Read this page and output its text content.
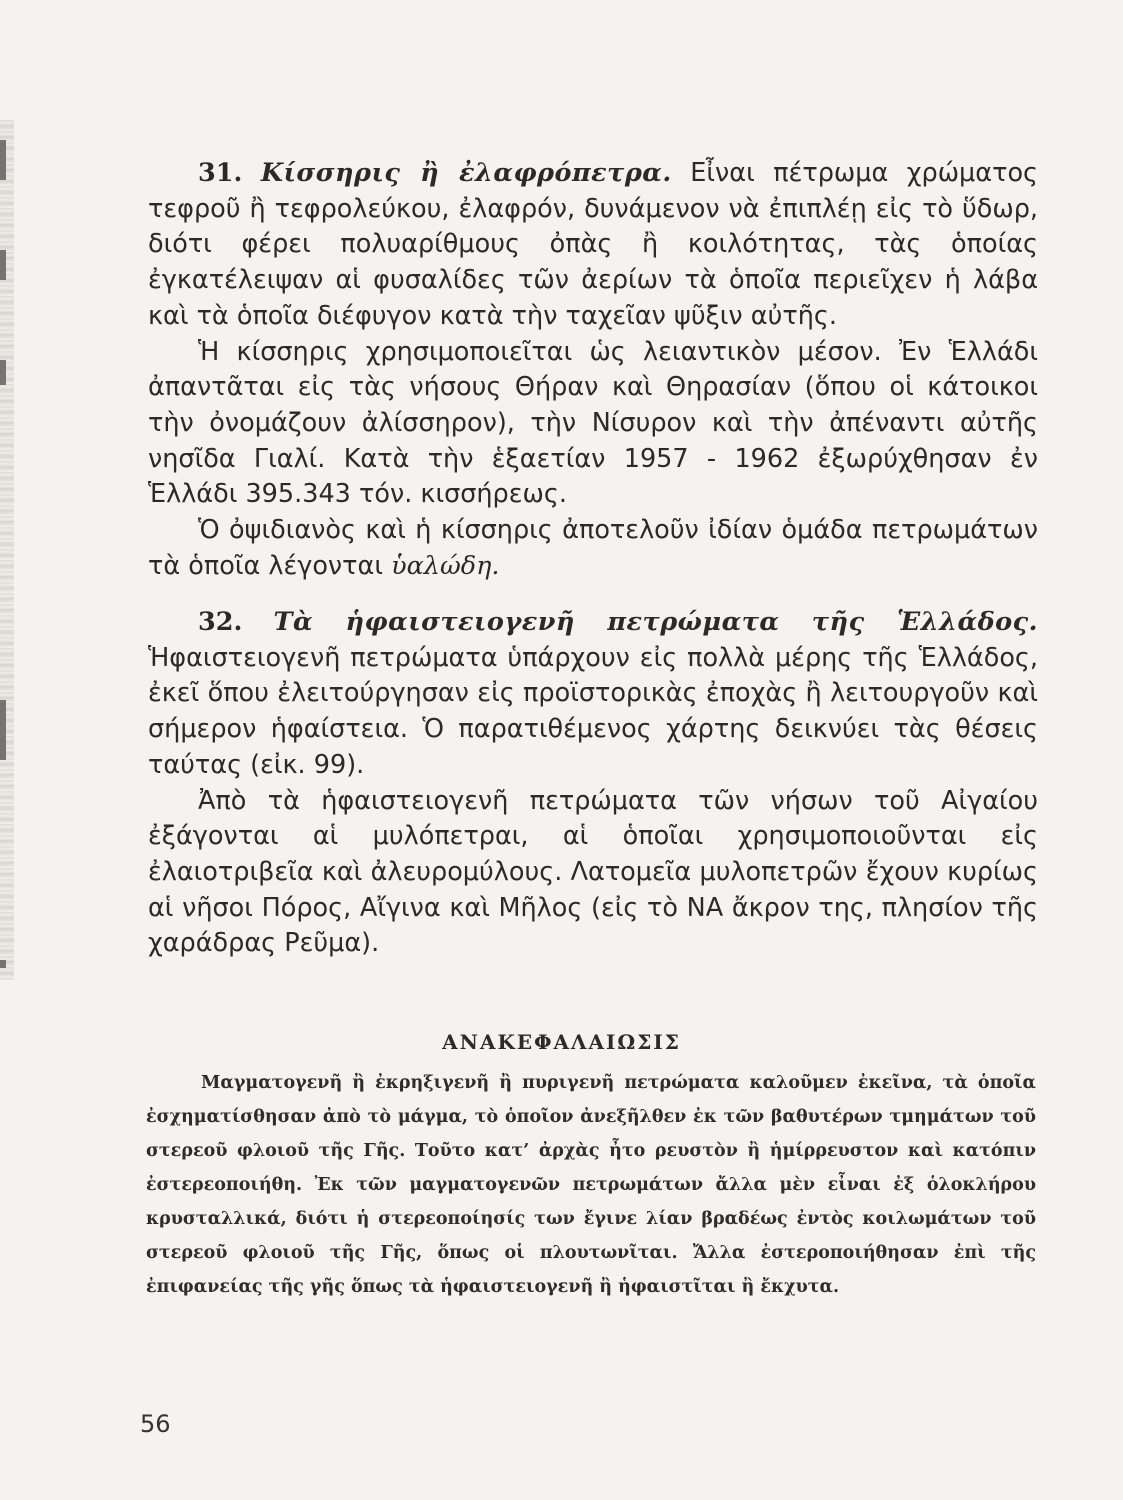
31. Κίσσηρις ἢ ἐλαφρόπετρα. Εἶναι πέτρωμα χρώματος τεφροῦ ἢ τεφρολεύκου, ἐλαφρόν, δυνάμενον νὰ ἐπιπλέῃ εἰς τὸ ὕδωρ, διότι φέρει πολυαρίθμους ὀπὰς ἢ κοιλότητας, τὰς ὁποίας ἐγκατέλειψαν αἱ φυσαλίδες τῶν ἀερίων τὰ ὁποῖα περιεῖχεν ἡ λάβα καὶ τὰ ὁποῖα διέφυγον κατὰ τὴν ταχεῖαν ψῦξιν αὐτῆς.

Ἡ κίσσηρις χρησιμοποιεῖται ὡς λειαντικὸν μέσον. Ἐν Ἑλλάδι ἀπαντᾶται εἰς τὰς νήσους Θήραν καὶ Θηρασίαν (ὅπου οἱ κάτοικοι τὴν ὀνομάζουν ἀλίσσηρον), τὴν Νίσυρον καὶ τὴν ἀπέναντι αὐτῆς νησῖδα Γιαλί. Κατὰ τὴν ἑξαετίαν 1957 - 1962 ἐξωρύχθησαν ἐν Ἑλλάδι 395.343 τόν. κισσήρεως.

Ὁ ὀψιδιανὸς καὶ ἡ κίσσηρις ἀποτελοῦν ἰδίαν ὁμάδα πετρωμάτων τὰ ὁποῖα λέγονται ὑαλώδη.

32. Τὰ ἡφαιστειογενῆ πετρώματα τῆς Ἑλλάδος. Ἡφαιστειογενῆ πετρώματα ὑπάρχουν εἰς πολλὰ μέρης τῆς Ἑλλάδος, ἐκεῖ ὅπου ἐλειτούργησαν εἰς προϊστορικὰς ἐποχὰς ἢ λειτουργοῦν καὶ σήμερον ἡφαίστεια. Ὁ παρατιθέμενος χάρτης δεικνύει τὰς θέσεις ταύτας (εἰκ. 99).

Ἀπὸ τὰ ἡφαιστειογενῆ πετρώματα τῶν νήσων τοῦ Αἰγαίου ἐξάγονται αἱ μυλόπετραι, αἱ ὁποῖαι χρησιμοποιοῦνται εἰς ἐλαιοτριβεῖα καὶ ἀλευρομύλους. Λατομεῖα μυλοπετρῶν ἔχουν κυρίως αἱ νῆσοι Πόρος, Αἴγινα καὶ Μῆλος (εἰς τὸ ΝΑ ἄκρον της, πλησίον τῆς χαράδρας Ρεῦμα).

ΑΝΑΚΕΦΑΛΑΙΩΣΙΣ

Μαγματογενῆ ἢ ἐκρηξιγενῆ ἢ πυριγενῆ πετρώματα καλοῦμεν ἐκεῖνα, τὰ ὁποῖα ἐσχηματίσθησαν ἀπὸ τὸ μάγμα, τὸ ὁποῖον ἀνεξῆλθεν ἐκ τῶν βαθυτέρων τμημάτων τοῦ στερεοῦ φλοιοῦ τῆς Γῆς. Τοῦτο κατ’ ἀρχὰς ἦτο ρευστὸν ἢ ἡμίρρευστον καὶ κατόπιν ἐστερεοποιήθη. Ἐκ τῶν μαγματογενῶν πετρωμάτων ἄλλα μὲν εἶναι ἐξ ὁλοκλήρου κρυσταλλικά, διότι ἡ στερεοποίησίς των ἔγινε λίαν βραδέως ἐντὸς κοιλωμάτων τοῦ στερεοῦ φλοιοῦ τῆς Γῆς, ὅπως οἱ πλουτωνῖται. Ἄλλα ἐστεροποιήθησαν ἐπὶ τῆς ἐπιφανείας τῆς γῆς ὅπως τὰ ἡφαιστειογενῆ ἢ ἡφαιστῖται ἢ ἔκχυτα.

56
